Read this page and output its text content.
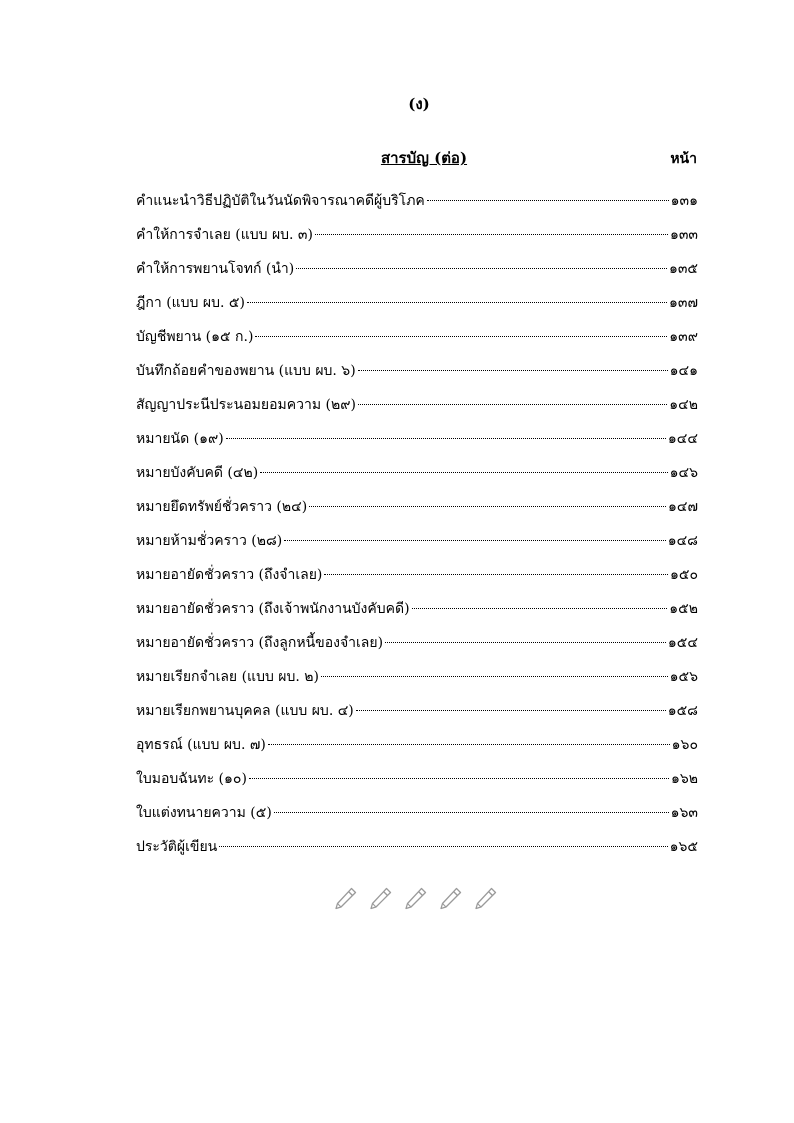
(ง)
สารบัญ (ต่อ)	หน้า
คำแนะนำวิธีปฏิบัติในวันนัดพิจารณาคดีผู้บริโภค	๑๓๑
คำให้การจำเลย (แบบ ผบ. ๓)	๑๓๓
คำให้การพยานโจทก์ (นำ)	๑๓๕
ฎีกา (แบบ ผบ. ๕)	๑๓๗
บัญชีพยาน (๑๕ ก.)	๑๓๙
บันทึกถ้อยคำของพยาน (แบบ ผบ. ๖)	๑๔๑
สัญญาประนีประนอมยอมความ (๒๙)	๑๔๒
หมายนัด (๑๙)	๑๔๔
หมายบังคับคดี (๔๒)	๑๔๖
หมายยึดทรัพย์ชั่วคราว (๒๔)	๑๔๗
หมายห้ามชั่วคราว (๒๘)	๑๔๘
หมายอายัดชั่วคราว (ถึงจำเลย)	๑๕๐
หมายอายัดชั่วคราว (ถึงเจ้าพนักงานบังคับคดี)	๑๕๒
หมายอายัดชั่วคราว (ถึงลูกหนี้ของจำเลย)	๑๕๔
หมายเรียกจำเลย (แบบ ผบ. ๒)	๑๕๖
หมายเรียกพยานบุคคล (แบบ ผบ. ๔)	๑๕๘
อุทธรณ์ (แบบ ผบ. ๗)	๑๖๐
ใบมอบฉันทะ (๑๐)	๑๖๒
ใบแต่งทนายความ (๕)	๑๖๓
ประวัติผู้เขียน	๑๖๕
